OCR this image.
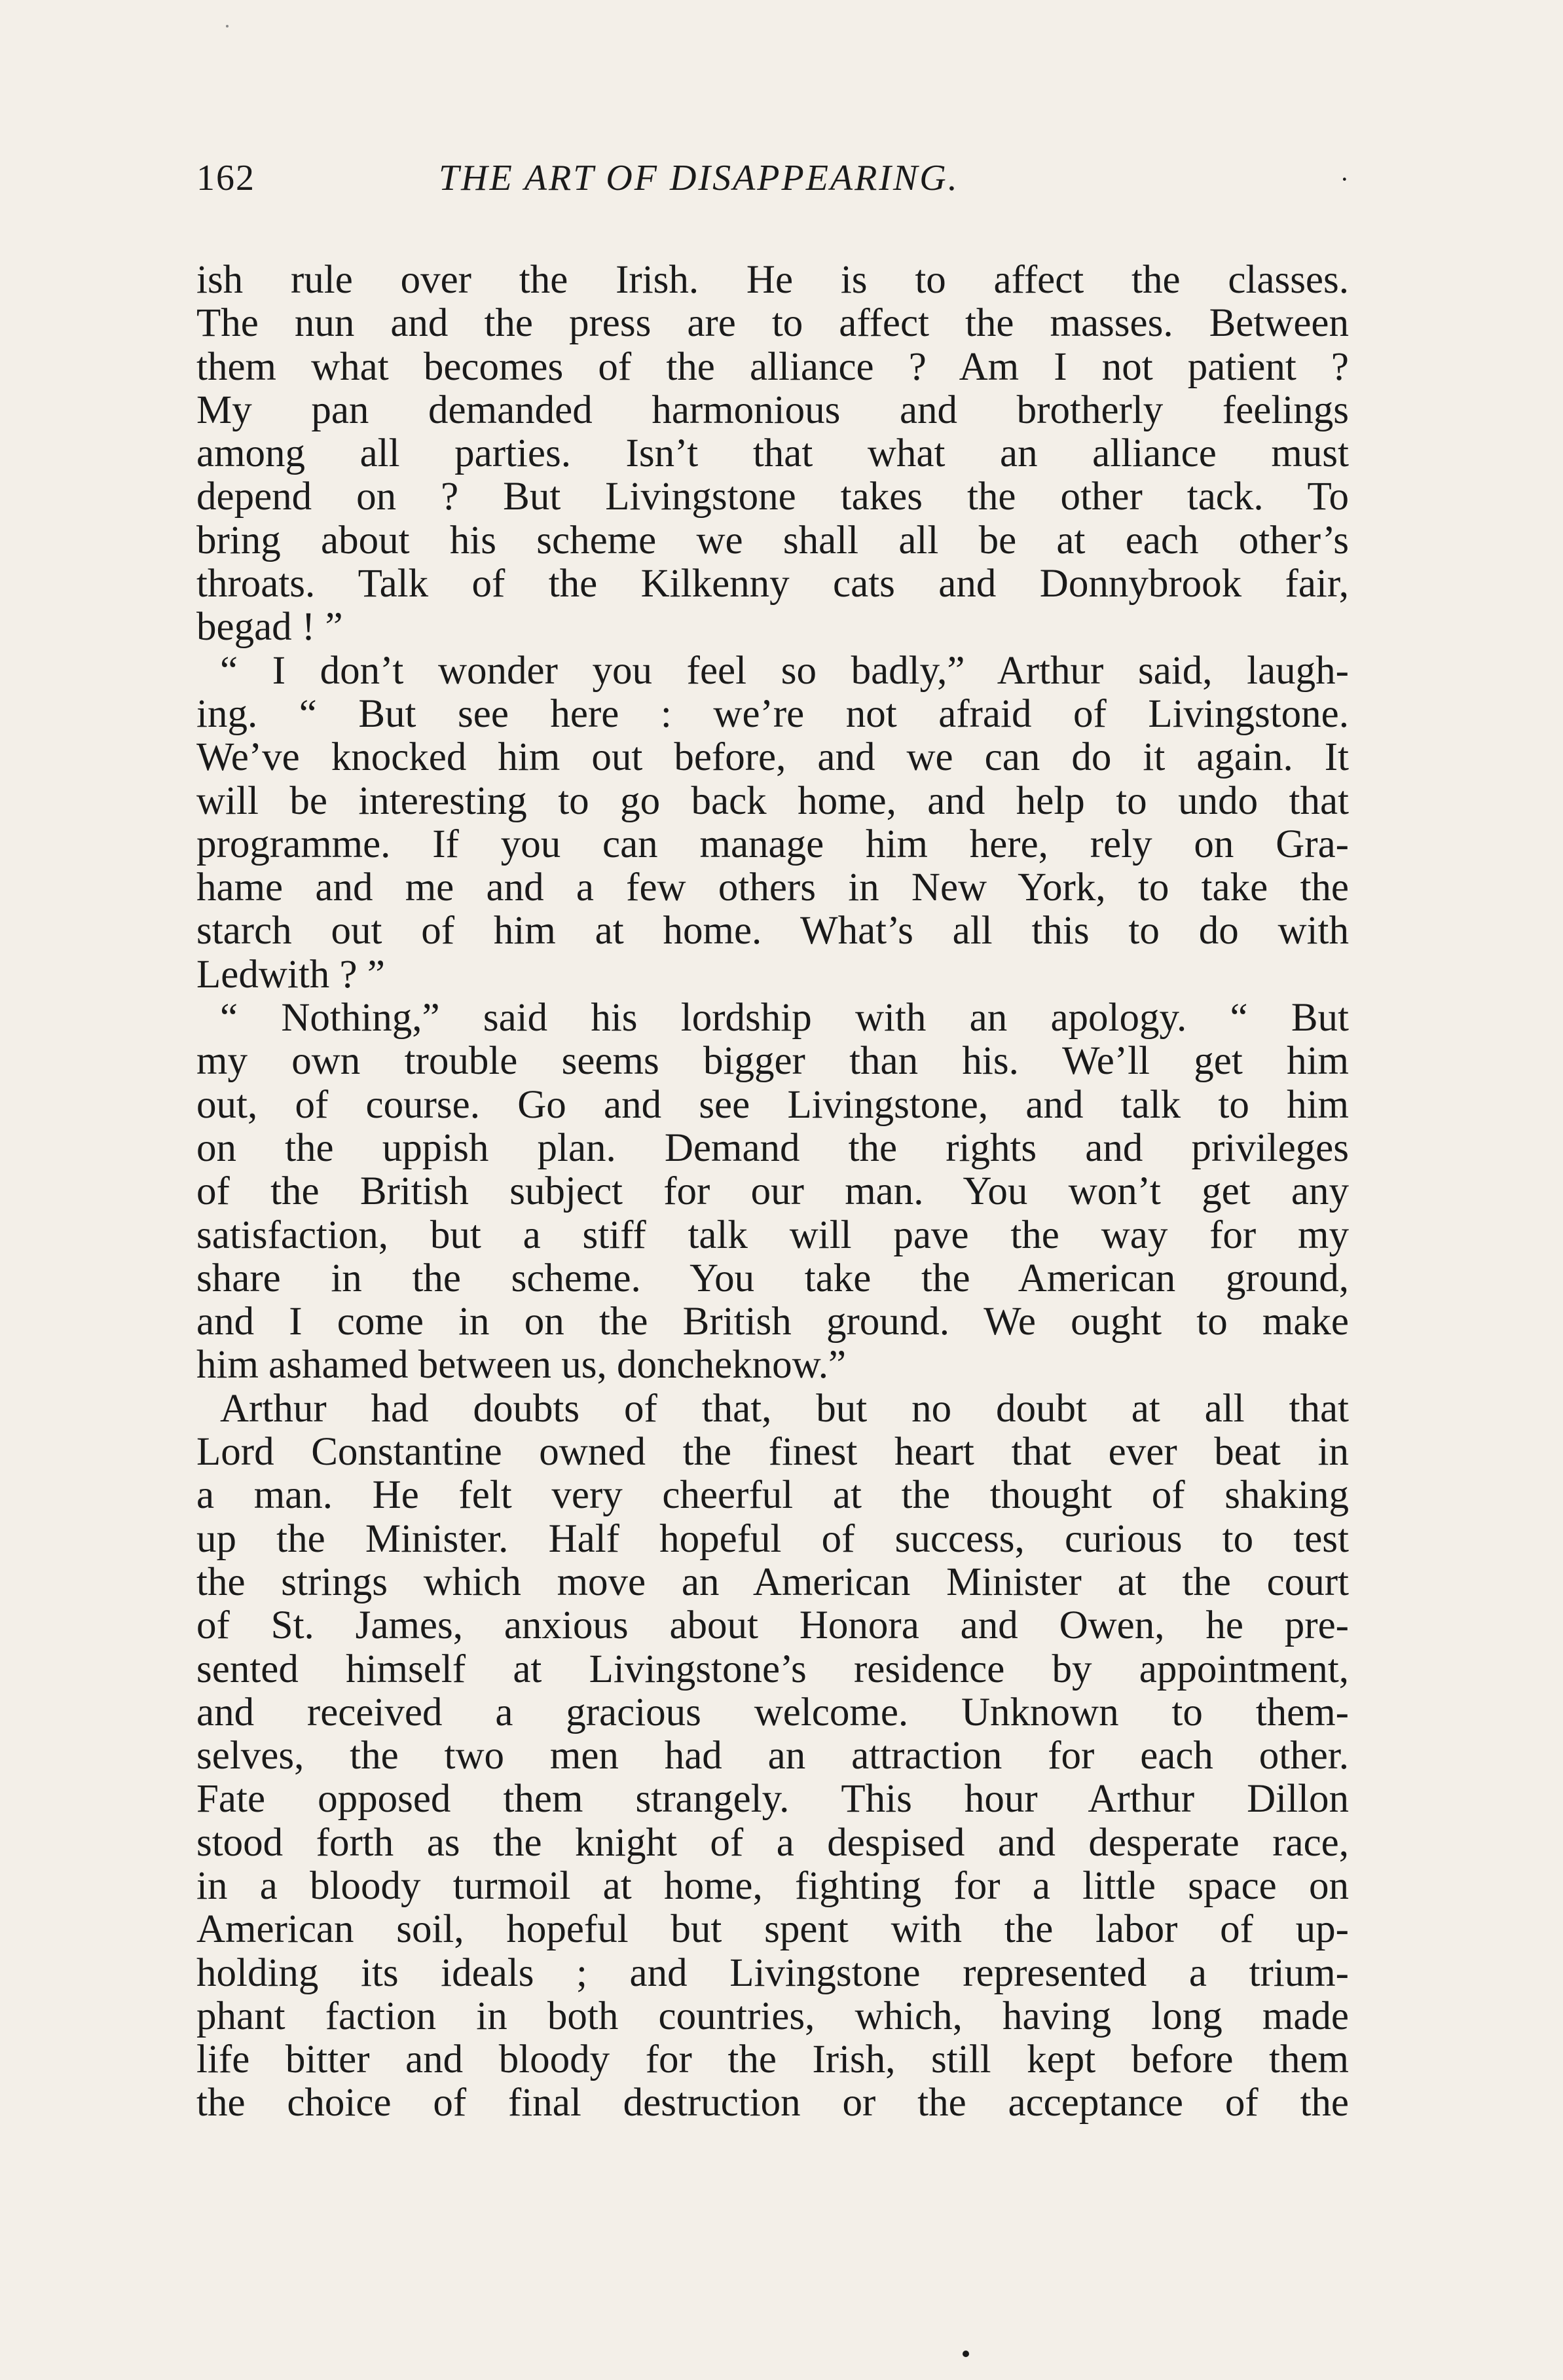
162	THE ART OF DISAPPEARING.	·
ish rule over the Irish. He is to affect the classes.
The nun and the press are to affect the masses. Between
them what becomes of the alliance ? Am I not patient ?
My pan demanded harmonious and brotherly feelings
among all parties. Isn’t that what an alliance must
depend on ? But Livingstone takes the other tack. To
bring about his scheme we shall all be at each other’s
throats. Talk of the Kilkenny cats and Donnybrook fair,
begad ! ”
“ I don’t wonder you feel so badly,” Arthur said, laugh-
ing. “ But see here : we’re not afraid of Livingstone.
We’ve knocked him out before, and we can do it again. It
will be interesting to go back home, and help to undo that
programme. If you can manage him here, rely on Gra-
hame and me and a few others in New York, to take the
starch out of him at home. What’s all this to do with
Ledwith ? ”
“ Nothing,” said his lordship with an apology. “ But
my own trouble seems bigger than his. We’ll get him
out, of course. Go and see Livingstone, and talk to him
on the uppish plan. Demand the rights and privileges
of the British subject for our man. You won’t get any
satisfaction, but a stiff talk will pave the way for my
share in the scheme. You take the American ground,
and I come in on the British ground. We ought to make
him ashamed between us, doncheknow.”
Arthur had doubts of that, but no doubt at all that
Lord Constantine owned the finest heart that ever beat in
a man. He felt very cheerful at the thought of shaking
up the Minister. Half hopeful of success, curious to test
the strings which move an American Minister at the court
of St. James, anxious about Honora and Owen, he pre-
sented himself at Livingstone’s residence by appointment,
and received a gracious welcome. Unknown to them-
selves, the two men had an attraction for each other.
Fate opposed them strangely. This hour Arthur Dillon
stood forth as the knight of a despised and desperate race,
in a bloody turmoil at home, fighting for a little space on
American soil, hopeful but spent with the labor of up-
holding its ideals ; and Livingstone represented a trium-
phant faction in both countries, which, having long made
life bitter and bloody for the Irish, still kept before them
the choice of final destruction or the acceptance of the
